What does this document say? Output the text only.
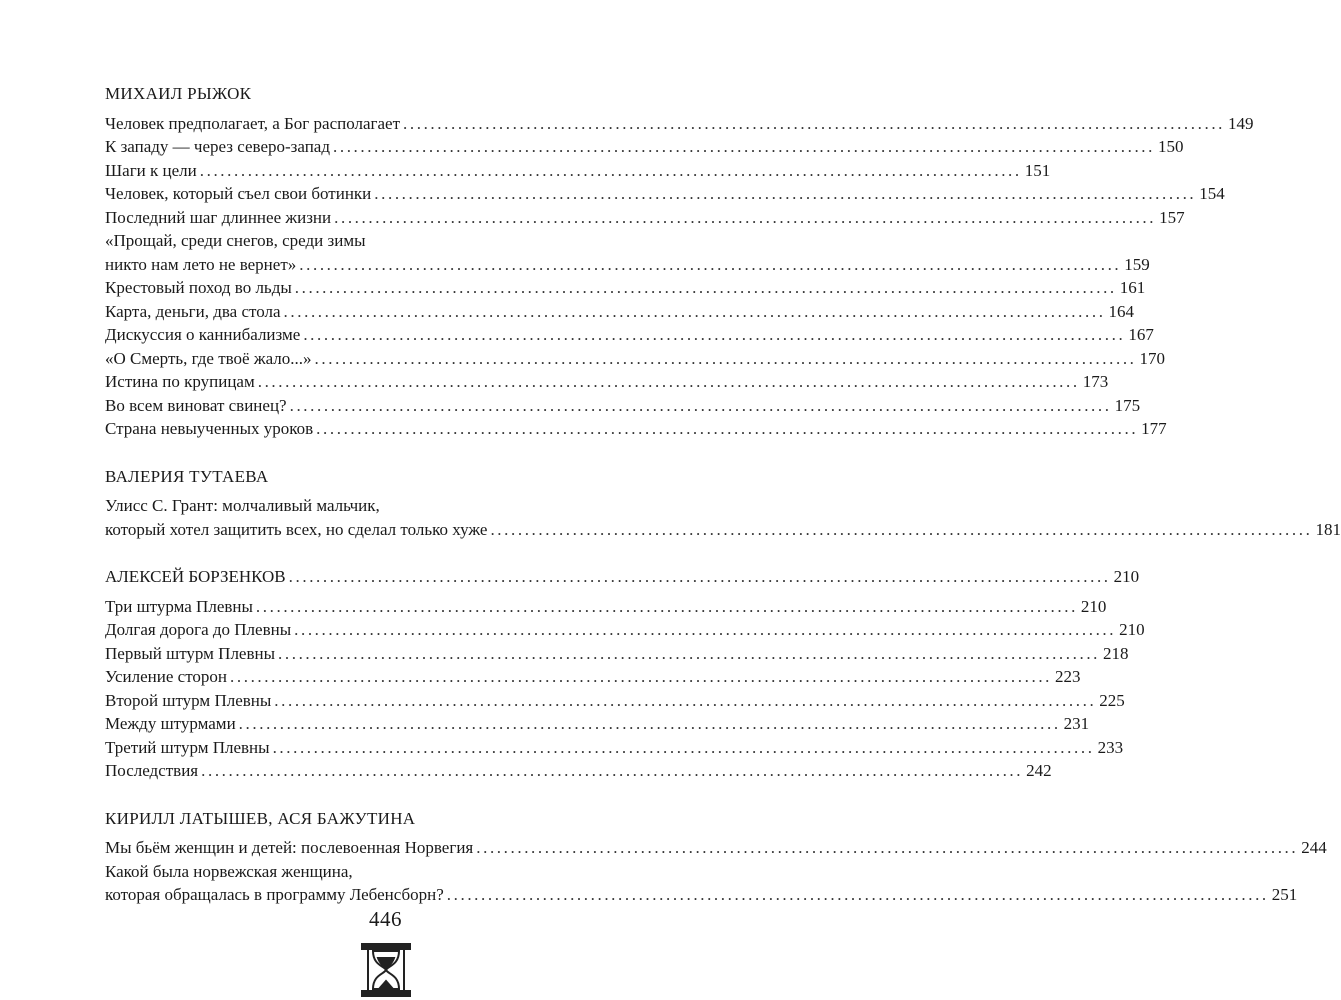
МИХАИЛ РЫЖОК
Человек предполагает, а Бог располагает ........................................................................................................................ 149
К западу — через северо-запад ........................................................................................................................ 150
Шаги к цели ........................................................................................................................ 151
Человек, который съел свои ботинки ........................................................................................................................ 154
Последний шаг длиннее жизни ........................................................................................................................ 157
«Прощай, среди снегов, среди зимы
никто нам лето не вернет» ........................................................................................................................ 159
Крестовый поход во льды ........................................................................................................................ 161
Карта, деньги, два стола ........................................................................................................................ 164
Дискуссия о каннибализме ........................................................................................................................ 167
«О Смерть, где твоё жало...» ........................................................................................................................ 170
Истина по крупицам ........................................................................................................................ 173
Во всем виноват свинец? ........................................................................................................................ 175
Страна невыученных уроков ........................................................................................................................ 177
ВАЛЕРИЯ ТУТАЕВА
Улисс С. Грант: молчаливый мальчик,
который хотел защитить всех, но сделал только хуже ........................................................................................................................ 181
АЛЕКСЕЙ БОРЗЕНКОВ ........................................................................................................................ 210
Три штурма Плевны ........................................................................................................................ 210
Долгая дорога до Плевны ........................................................................................................................ 210
Первый штурм Плевны ........................................................................................................................ 218
Усиление сторон ........................................................................................................................ 223
Второй штурм Плевны ........................................................................................................................ 225
Между штурмами ........................................................................................................................ 231
Третий штурм Плевны ........................................................................................................................ 233
Последствия ........................................................................................................................ 242
КИРИЛЛ ЛАТЫШЕВ, АСЯ БАЖУТИНА
Мы бьём женщин и детей: послевоенная Норвегия ........................................................................................................................ 244
Какой была норвежская женщина,
которая обращалась в программу Лебенсборн? ........................................................................................................................ 251
446
